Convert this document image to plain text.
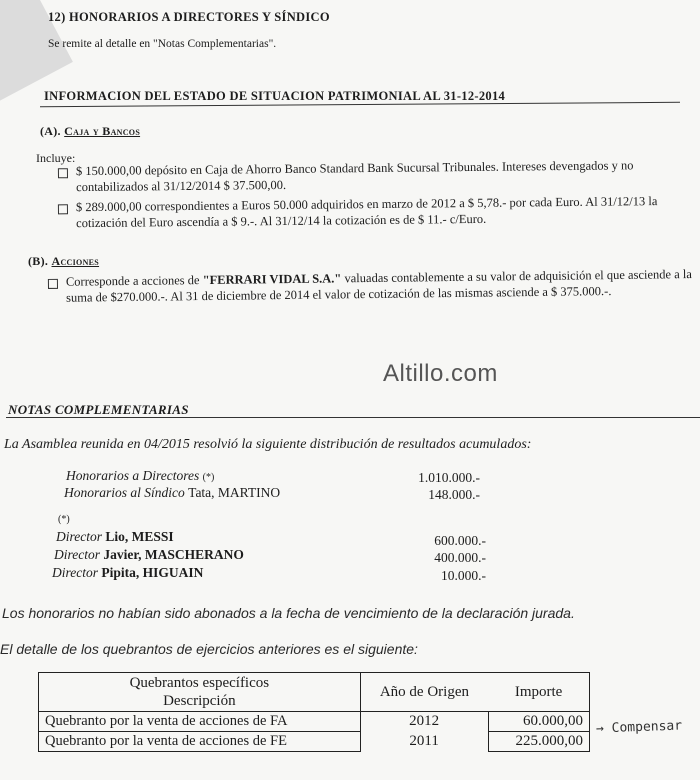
12) HONORARIOS A DIRECTORES Y SÍNDICO
Se remite al detalle en "Notas Complementarias".
INFORMACION DEL ESTADO DE SITUACION PATRIMONIAL AL 31-12-2014
(A). Caja y Bancos
Incluye:
$ 150.000,00 depósito en Caja de Ahorro Banco Standard Bank Sucursal Tribunales. Intereses devengados y no contabilizados al 31/12/2014 $ 37.500,00.
$ 289.000,00 correspondientes a Euros 50.000 adquiridos en marzo de 2012 a $ 5,78.- por cada Euro. Al 31/12/13 la cotización del Euro ascendía a $ 9.-. Al 31/12/14 la cotización es de $ 11.- c/Euro.
(B). Acciones
Corresponde a acciones de "FERRARI VIDAL S.A." valuadas contablemente a su valor de adquisición el que asciende a la suma de $270.000.-. Al 31 de diciembre de 2014 el valor de cotización de las mismas asciende a $ 375.000.-.
Altillo.com
NOTAS COMPLEMENTARIAS
La Asamblea reunida en 04/2015 resolvió la siguiente distribución de resultados acumulados:
Honorarios a Directores (*)	1.010.000.-
Honorarios al Síndico Tata, MARTINO	148.000.-
(*)
Director Lio, MESSI	600.000.-
Director Javier, MASCHERANO	400.000.-
Director Pipita, HIGUAIN	10.000.-
Los honorarios no habían sido abonados a la fecha de vencimiento de la declaración jurada.
El detalle de los quebrantos de ejercicios anteriores es el siguiente:
Quebrantos específicos
Descripción	Año de Origen	Importe
Quebranto por la venta de acciones de FA	2012	60.000,00
Quebranto por la venta de acciones de FE	2011	225.000,00
→ Compensar
